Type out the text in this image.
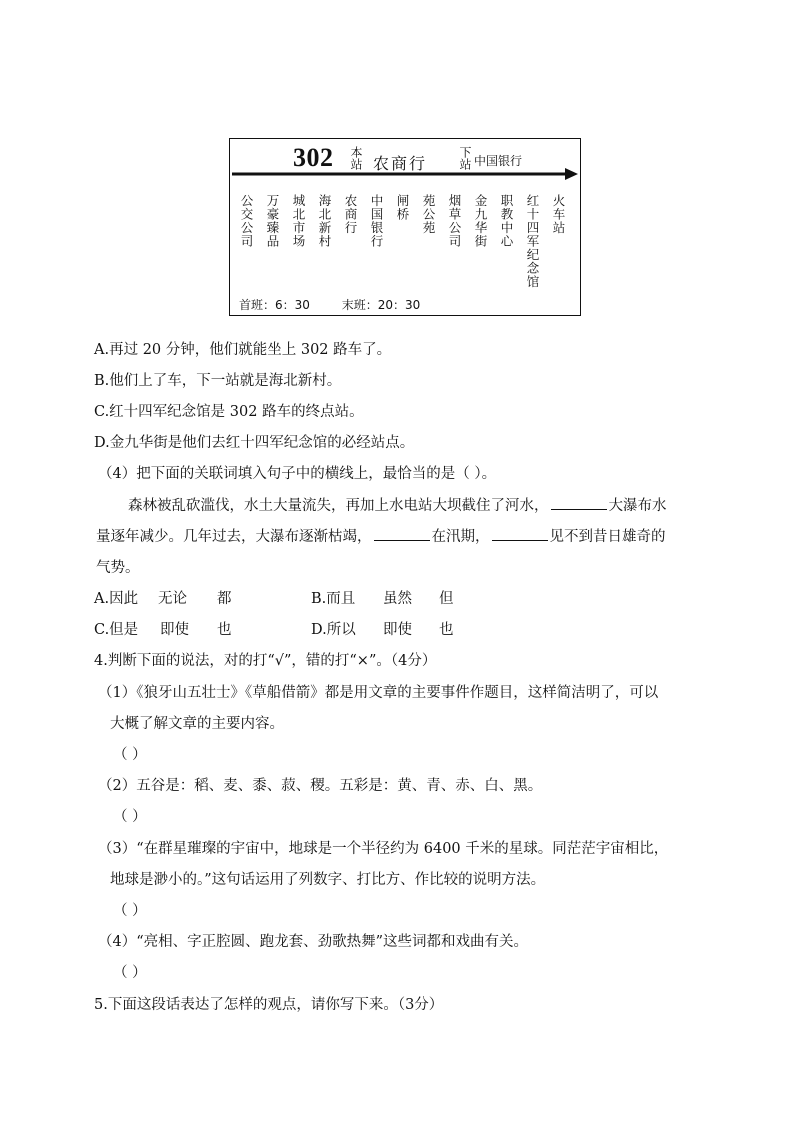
302 本站 农商行	下站 中国银行
公交公司 万豪臻品 城北市场 海北新村 农商行 中国银行 闸桥 苑公苑 烟草公司 金九华街 职教中心 红十四军纪念馆 火车站
首班：6：30	末班：20：30
A.再过 20 分钟，他们就能坐上 302 路车了。
B.他们上了车，下一站就是海北新村。
C.红十四军纪念馆是 302 路车的终点站。
D.金九华街是他们去红十四军纪念馆的必经站点。
（4）把下面的关联词填入句子中的横线上，最恰当的是（ ）。
森林被乱砍滥伐，水土大量流失，再加上水电站大坝截住了河水，	大瀑布水
量逐年减少。几年过去，大瀑布逐渐枯竭，	在汛期，	见不到昔日雄奇的
气势。
A.因此 无论 都	B.而且 虽然 但
C.但是 即使 也	D.所以 即使 也
4.判断下面的说法，对的打“√”，错的打“×”。（4分）
（1）《狼牙山五壮士》《草船借箭》都是用文章的主要事件作题目，这样简洁明了，可以
大概了解文章的主要内容。
（ ）
（2）五谷是：稻、麦、黍、菽、稷。五彩是：黄、青、赤、白、黑。
（ ）
（3）“在群星璀璨的宇宙中，地球是一个半径约为 6400 千米的星球。同茫茫宇宙相比，
地球是渺小的。”这句话运用了列数字、打比方、作比较的说明方法。
（ ）
（4）“亮相、字正腔圆、跑龙套、劲歌热舞”这些词都和戏曲有关。
（ ）
5.下面这段话表达了怎样的观点，请你写下来。（3分）
